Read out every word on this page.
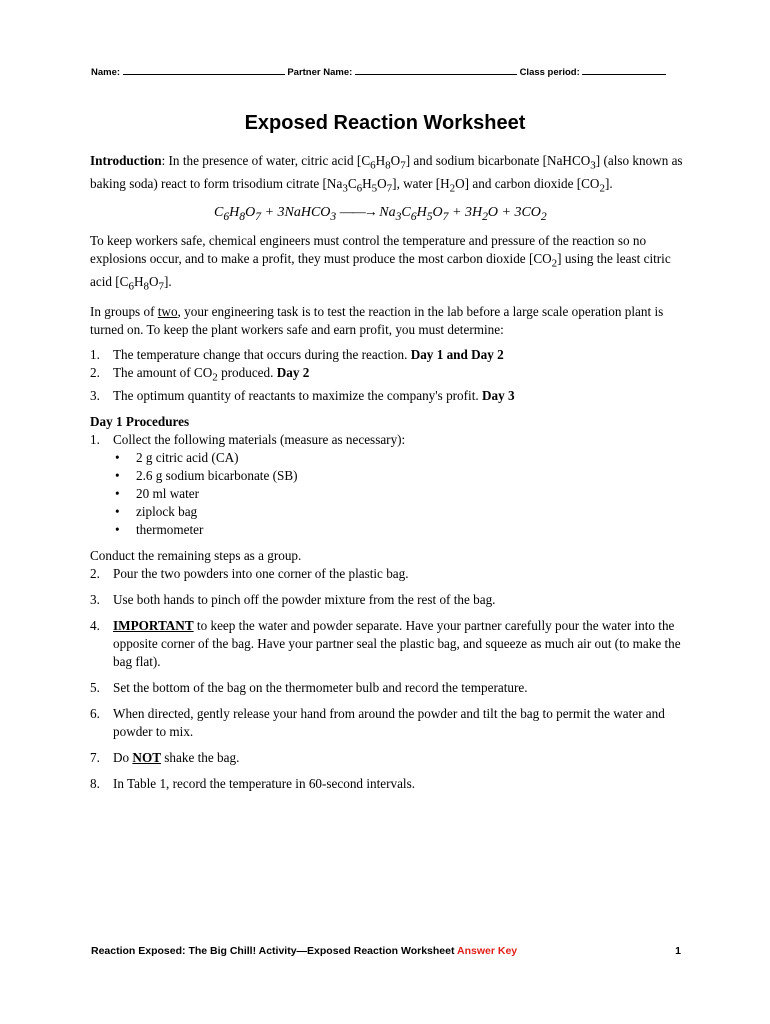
Name:	Partner Name:	Class period:
Exposed Reaction Worksheet

Introduction: In the presence of water, citric acid $[C_6H_8O_7]$ and sodium bicarbonate [NaHCO$_3$] (also known as baking soda) react to form trisodium citrate $[Na_3C_6H_5O_7]$, water $[H_2O]$ and carbon dioxide $[CO_2]$.

$C_6H_8O_7$ + 3NaHCO$_3$ ——→ $Na_3C_6H_5O_7 + 3H_2O + 3CO_2$

To keep workers safe, chemical engineers must control the temperature and pressure of the reaction so no explosions occur, and to make a profit, they must produce the most carbon dioxide $[CO_2]$ using the least citric acid $[C_6H_8O_7]$.

In groups of two, your engineering task is to test the reaction in the lab before a large scale operation plant is turned on. To keep the plant workers safe and earn profit, you must determine:

1. The temperature change that occurs during the reaction. Day 1 and Day 2
2. The amount of $CO_2$ produced. Day 2
3. The optimum quantity of reactants to maximize the company's profit. Day 3

Day 1 Procedures

1. Collect the following materials (measure as necessary):
• 2 g citric acid (CA)
• 2.6 g sodium bicarbonate (SB)
• 20 ml water
• ziplock bag
• thermometer

Conduct the remaining steps as a group.

2. Pour the two powders into one corner of the plastic bag.
3. Use both hands to pinch off the powder mixture from the rest of the bag.
4. IMPORTANT to keep the water and powder separate. Have your partner carefully pour the water into the opposite corner of the bag. Have your partner seal the plastic bag, and squeeze as much air out (to make the bag flat).
5. Set the bottom of the bag on the thermometer bulb and record the temperature.
6. When directed, gently release your hand from around the powder and tilt the bag to permit the water and powder to mix.
7. Do NOT shake the bag.
8. In Table 1, record the temperature in 60-second intervals.
Reaction Exposed: The Big Chill! Activity—Exposed Reaction Worksheet Answer Key	1
